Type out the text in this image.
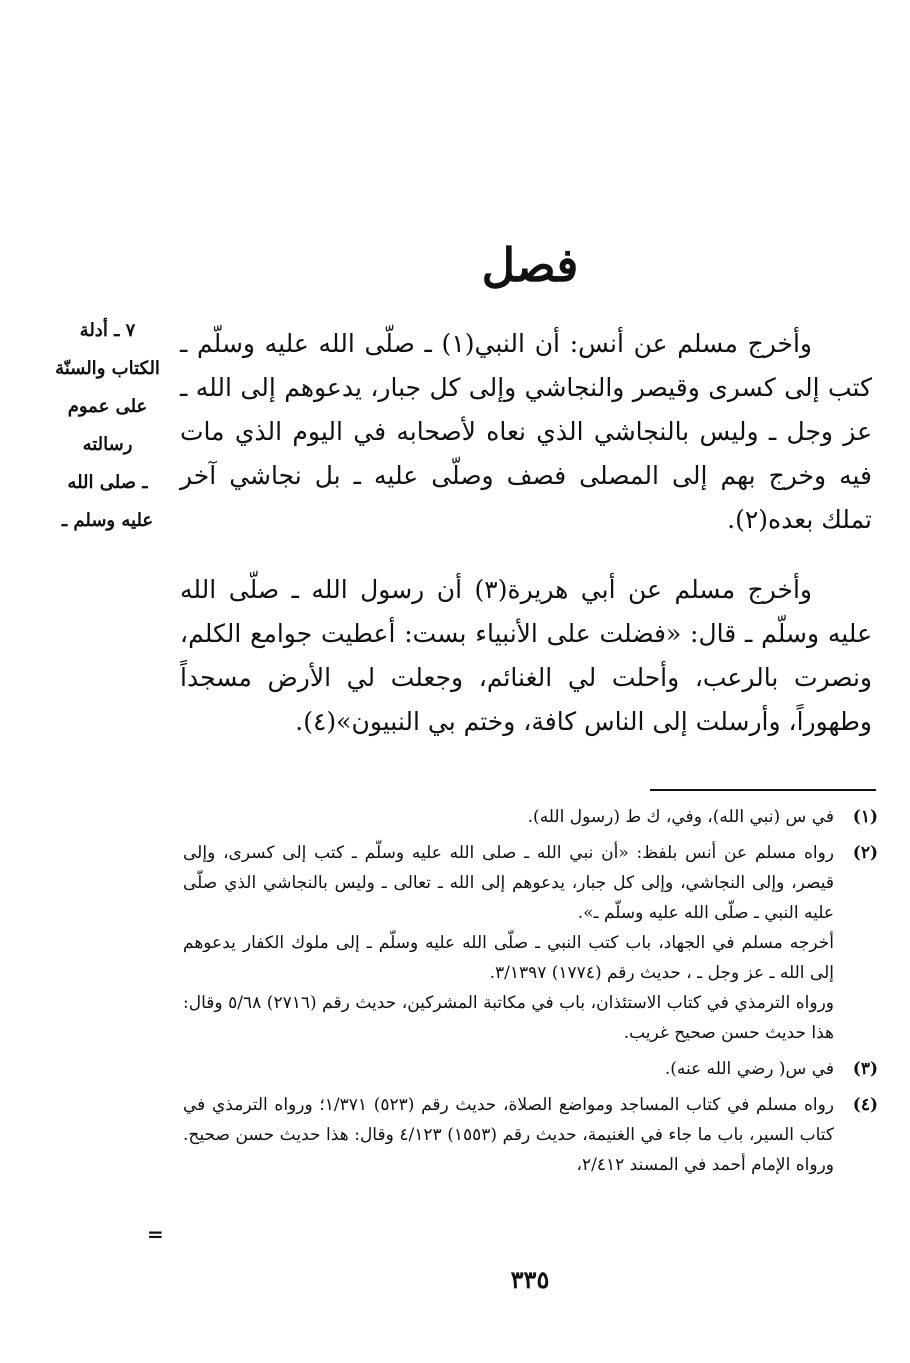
فصل
٧ ـ أدلة
الكتاب والسنّة
على عموم
رسالته
ـ صلى الله
عليه وسلم ـ

وأخرج مسلم عن أنس: أن النبي(١) ـ صلّى الله عليه وسلّم ـ كتب إلى كسرى وقيصر والنجاشي وإلى كل جبار، يدعوهم إلى الله ـ عز وجل ـ وليس بالنجاشي الذي نعاه لأصحابه في اليوم الذي مات فيه وخرج بهم إلى المصلى فصف وصلّى عليه ـ بل نجاشي آخر تملك بعده(٢).

وأخرج مسلم عن أبي هريرة(٣) أن رسول الله ـ صلّى الله عليه وسلّم ـ قال: «فضلت على الأنبياء بست: أعطيت جوامع الكلم، ونصرت بالرعب، وأحلت لي الغنائم، وجعلت لي الأرض مسجداً وطهوراً، وأرسلت إلى الناس كافة، وختم بي النبيون»(٤).

(١)
في س (نبي الله)، وفي، ك ط (رسول الله).
(٢)
رواه مسلم عن أنس بلفظ: «أن نبي الله ـ صلى الله عليه وسلّم ـ كتب إلى كسرى، وإلى قيصر، وإلى النجاشي، وإلى كل جبار، يدعوهم إلى الله ـ تعالى ـ وليس بالنجاشي الذي صلّى عليه النبي ـ صلّى الله عليه وسلّم ـ».
أخرجه مسلم في الجهاد، باب كتب النبي ـ صلّى الله عليه وسلّم ـ إلى ملوك الكفار يدعوهم إلى الله ـ عز وجل ـ ، حديث رقم (١٧٧٤) ٣/١٣٩٧.
ورواه الترمذي في كتاب الاستئذان، باب في مكاتبة المشركين، حديث رقم (٢٧١٦) ٥/٦٨ وقال: هذا حديث حسن صحيح غريب.
(٣)
في س( رضي الله عنه).
(٤)
رواه مسلم في كتاب المساجد ومواضع الصلاة، حديث رقم (٥٢٣) ١/٣٧١؛ ورواه الترمذي في كتاب السير، باب ما جاء في الغنيمة، حديث رقم (١٥٥٣) ٤/١٢٣ وقال: هذا حديث حسن صحيح. ورواه الإمام أحمد في المسند ٢/٤١٢،
=
٣٣٥
